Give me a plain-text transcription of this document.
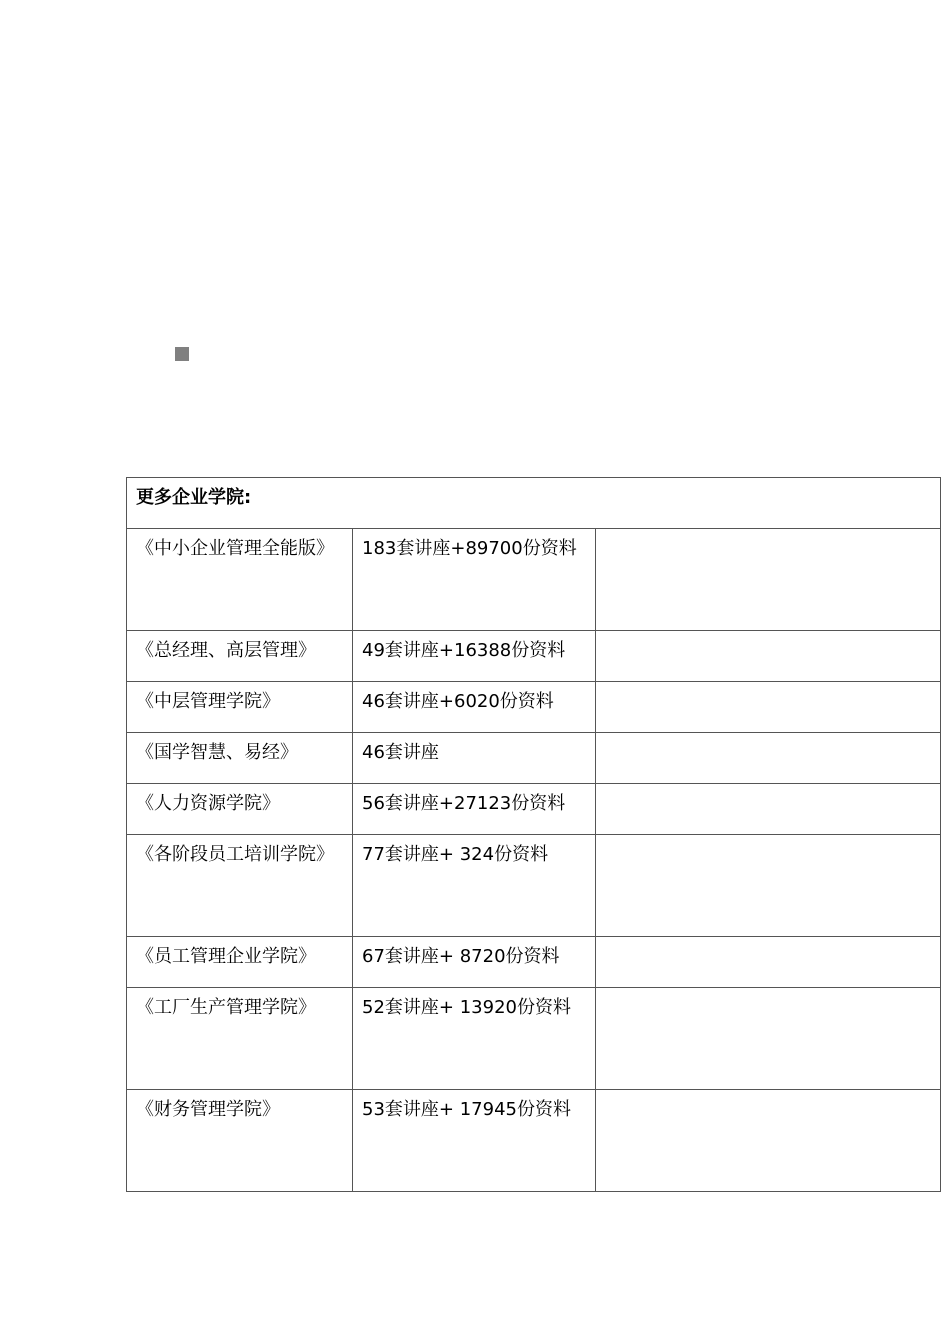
更多企业学院:		

《中小企业管理全能版》	183套讲座+89700份资料	

《总经理、高层管理》	49套讲座+16388份资料	
《中层管理学院》	46套讲座+6020份资料	
《国学智慧、易经》	46套讲座	
《人力资源学院》	56套讲座+27123份资料	

《各阶段员工培训学院》	77套讲座+ 324份资料	

《员工管理企业学院》	67套讲座+ 8720份资料	

《工厂生产管理学院》	52套讲座+ 13920份资料	

《财务管理学院》	53套讲座+ 17945份资料	
